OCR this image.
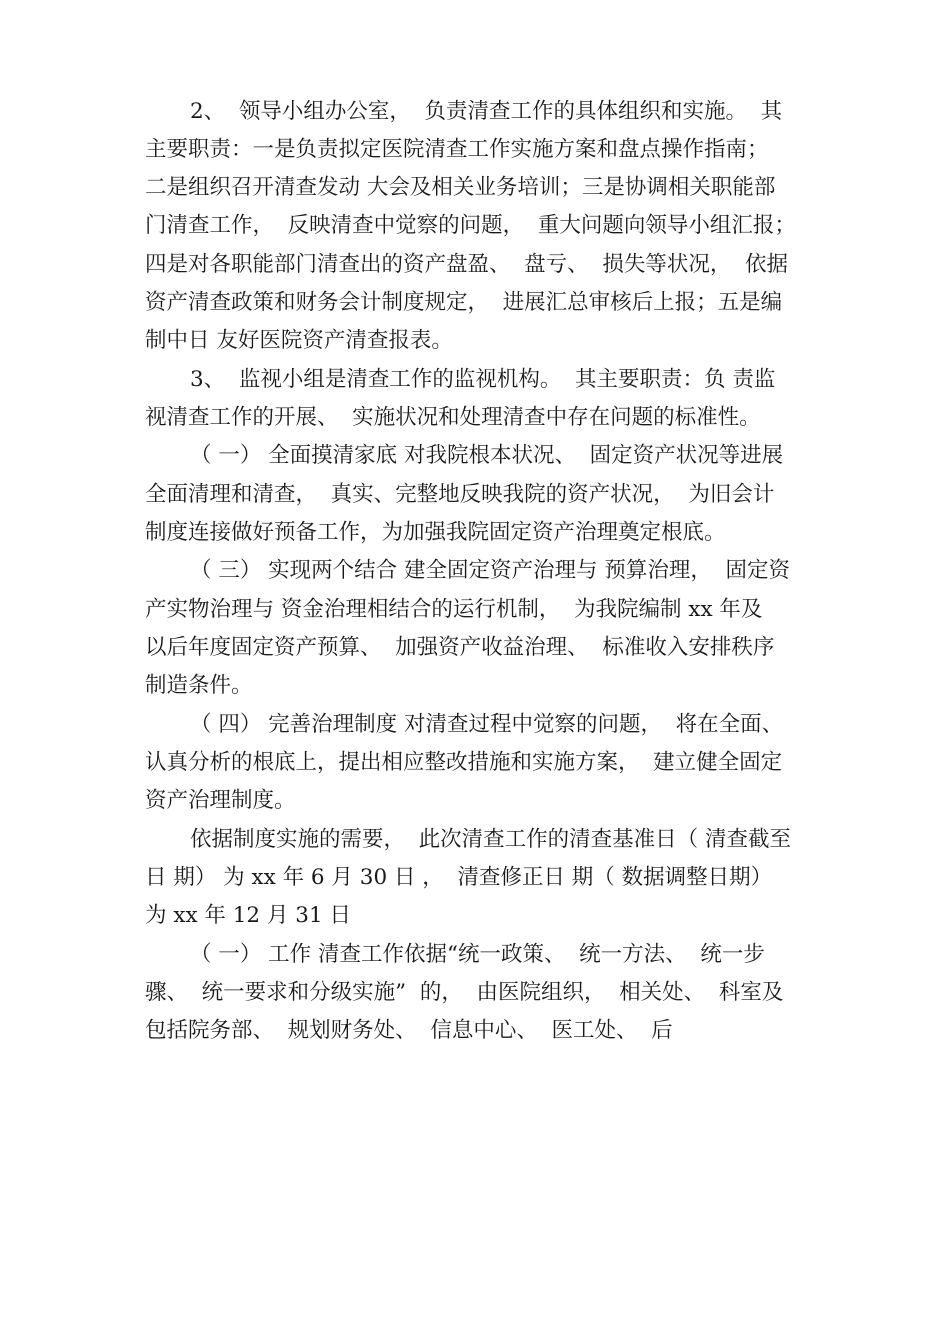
2、  领导小组办公室，  负责清查工作的具体组织和实施。  其
主要职责：一是负责拟定医院清查工作实施方案和盘点操作指南；
二是组织召开清查发动 大会及相关业务培训；三是协调相关职能部
门清查工作，  反映清查中觉察的问题，  重大问题向领导小组汇报；
四是对各职能部门清查出的资产盘盈、  盘亏、  损失等状况，  依据
资产清查政策和财务会计制度规定，  进展汇总审核后上报；五是编
制中日 友好医院资产清查报表。
3、  监视小组是清查工作的监视机构。  其主要职责：负 责监
视清查工作的开展、  实施状况和处理清查中存在问题的标准性。
（ 一） 全面摸清家底 对我院根本状况、  固定资产状况等进展
全面清理和清查，  真实、完整地反映我院的资产状况，  为旧会计
制度连接做好预备工作，为加强我院固定资产治理奠定根底。
（ 三） 实现两个结合 建全固定资产治理与 预算治理，  固定资
产实物治理与 资金治理相结合的运行机制，  为我院编制 xx 年及
以后年度固定资产预算、  加强资产收益治理、  标准收入安排秩序
制造条件。
（ 四） 完善治理制度 对清查过程中觉察的问题，  将在全面、
认真分析的根底上，提出相应整改措施和实施方案，  建立健全固定
资产治理制度。
依据制度实施的需要，  此次清查工作的清查基准日（ 清查截至
日 期） 为 xx 年 6 月 30 日 ，  清查修正日 期（ 数据调整日期）
为 xx 年 12 月 31 日
（ 一） 工作 清查工作依据“统一政策、  统一方法、  统一步
骤、  统一要求和分级实施”  的，  由医院组织，  相关处、  科室及
包括院务部、  规划财务处、  信息中心、  医工处、  后
